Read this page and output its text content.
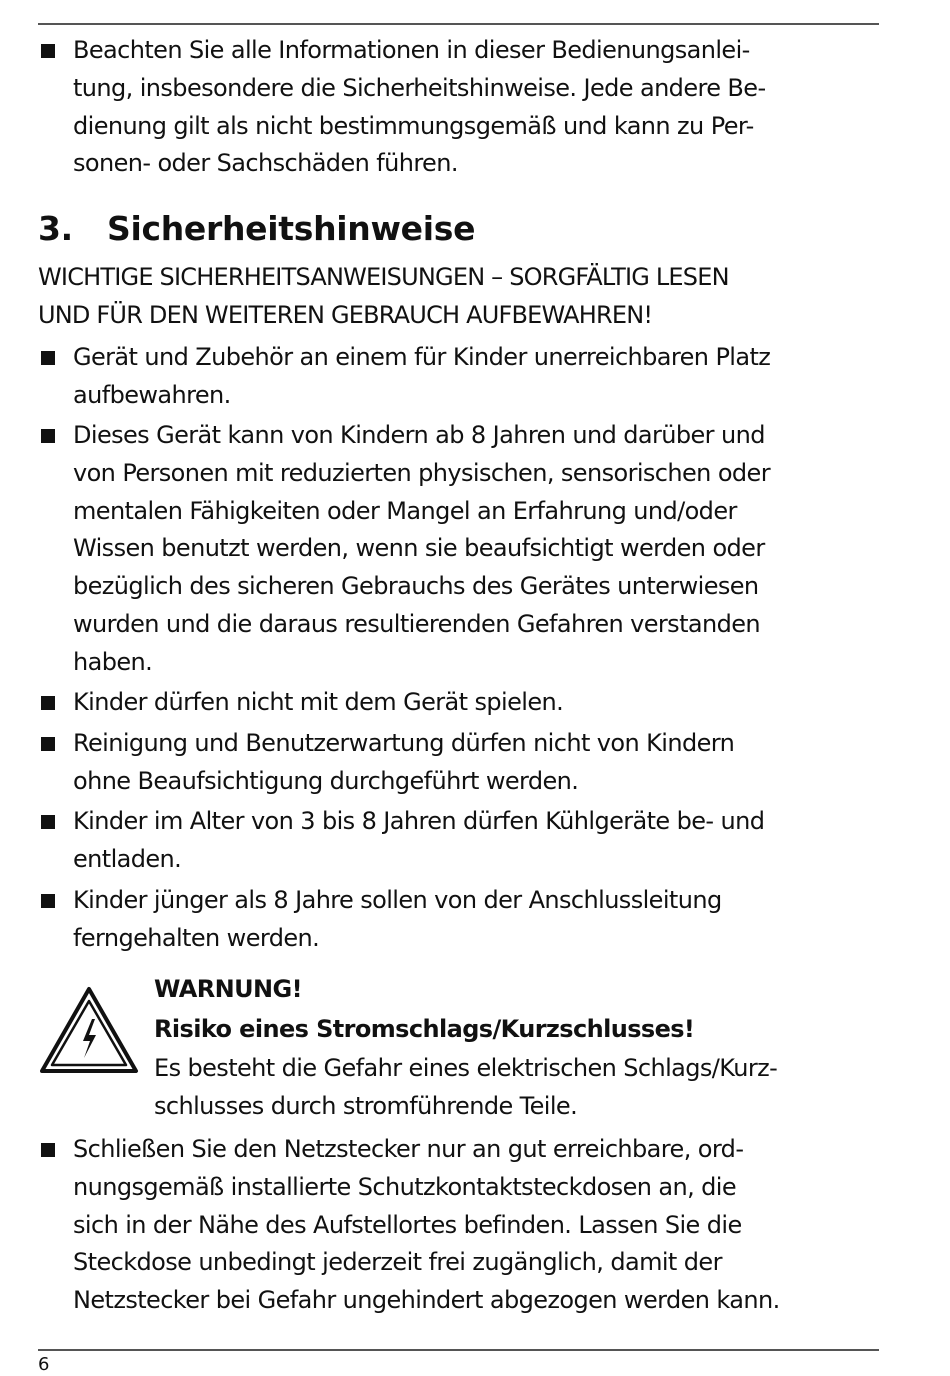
Beachten Sie alle Informationen in dieser Bedienungsanlei-
tung, insbesondere die Sicherheitshinweise. Jede andere Be-
dienung gilt als nicht bestimmungsgemäß und kann zu Per-
sonen- oder Sachschäden führen.
3. Sicherheitshinweise
WICHTIGE SICHERHEITSANWEISUNGEN – SORGFÄLTIG LESEN
UND FÜR DEN WEITEREN GEBRAUCH AUFBEWAHREN!
Gerät und Zubehör an einem für Kinder unerreichbaren Platz
aufbewahren.
Dieses Gerät kann von Kindern ab 8 Jahren und darüber und
von Personen mit reduzierten physischen, sensorischen oder
mentalen Fähigkeiten oder Mangel an Erfahrung und/oder
Wissen benutzt werden, wenn sie beaufsichtigt werden oder
bezüglich des sicheren Gebrauchs des Gerätes unterwiesen
wurden und die daraus resultierenden Gefahren verstanden
haben.
Kinder dürfen nicht mit dem Gerät spielen.
Reinigung und Benutzerwartung dürfen nicht von Kindern
ohne Beaufsichtigung durchgeführt werden.
Kinder im Alter von 3 bis 8 Jahren dürfen Kühlgeräte be- und
entladen.
Kinder jünger als 8 Jahre sollen von der Anschlussleitung
ferngehalten werden.
WARNUNG!
Risiko eines Stromschlags/Kurzschlusses!
Es besteht die Gefahr eines elektrischen Schlags/Kurz-
schlusses durch stromführende Teile.
Schließen Sie den Netzstecker nur an gut erreichbare, ord-
nungsgemäß installierte Schutzkontaktsteckdosen an, die
sich in der Nähe des Aufstellortes befinden. Lassen Sie die
Steckdose unbedingt jederzeit frei zugänglich, damit der
Netzstecker bei Gefahr ungehindert abgezogen werden kann.
6
